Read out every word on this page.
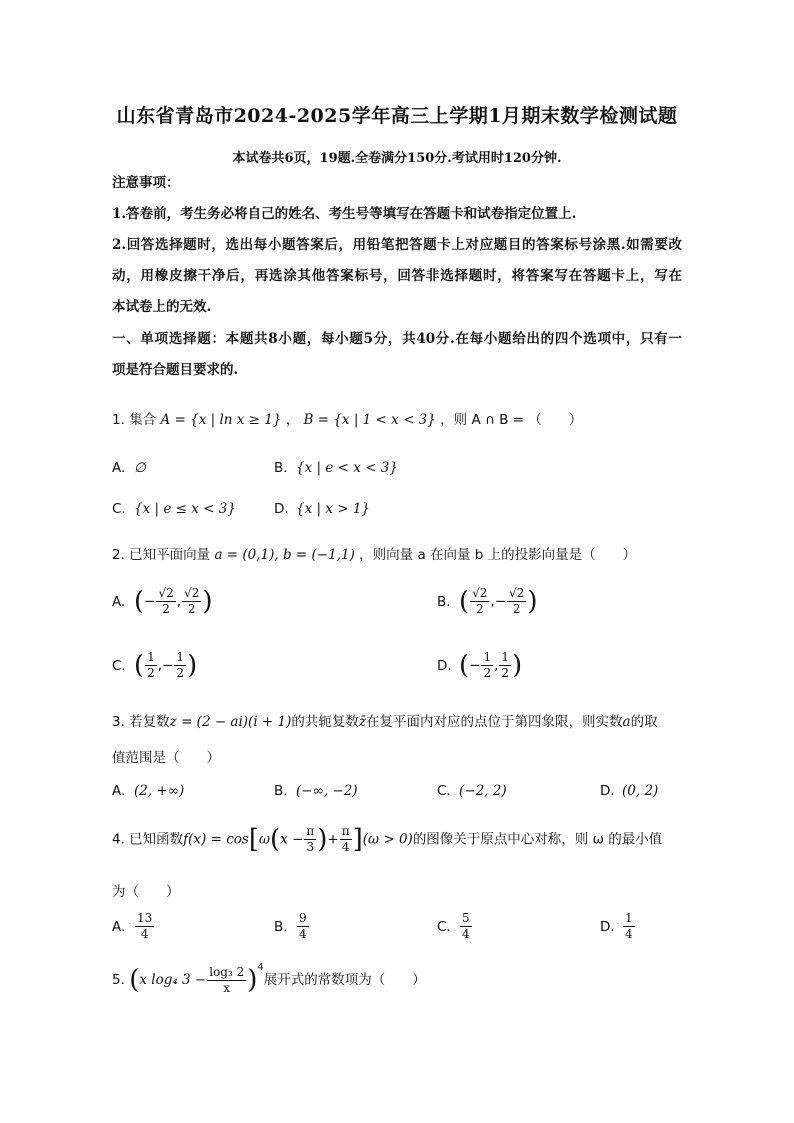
山东省青岛市2024-2025学年高三上学期1月期末数学检测试题
本试卷共6页，19题.全卷满分150分.考试用时120分钟.
注意事项：
1.答卷前，考生务必将自己的姓名、考生号等填写在答题卡和试卷指定位置上.
2.回答选择题时，选出每小题答案后，用铅笔把答题卡上对应题目的答案标号涂黑.如需要改
动，用橡皮擦干净后，再选涂其他答案标号，回答非选择题时，将答案写在答题卡上，写在
本试卷上的无效.
一、单项选择题：本题共8小题，每小题5分，共40分.在每小题给出的四个选项中，只有一
项是符合题目要求的.
1. 集合 A = {x | ln x ≥ 1} ， B = {x | 1 < x < 3} ，则 A ∩ B = （　　）
A. ∅	B. {x | e < x < 3}
C. {x | e ≤ x < 3}	D. {x | x > 1}
2. 已知平面向量 a = (0,1), b = (−1,1) ，则向量 a 在向量 b 上的投影向量是（　　）
A. (− $\frac{√2}{2}$ , $\frac{√2}{2}$ )	B. ( $\frac{√2}{2}$ ,− $\frac{√2}{2}$ )
C. ( $\frac{1}{2}$ ,− $\frac{1}{2}$ )	D. (− $\frac{1}{2}$ , $\frac{1}{2}$ )
3. 若复数z = (2 − ai)(i + 1)的共轭复数z̄在复平面内对应的点位于第四象限，则实数a的取
值范围是（　　）
A. (2, +∞)	B. (−∞, −2)	C. (−2, 2)	D. (0, 2)
4. 已知函数$f(x) = \cos[\omega(x - \frac{\pi}{3}$ )+ $\frac{\pi}{4} ](\omega > 0)$的图像关于原点中心对称，则 ω 的最小值
为（　　）
A. $\frac{13}{4}$	B. $\frac{9}{4}$	C. $\frac{5}{4}$	D. $\frac{1}{4}$
5. (x log₄ $3 - \frac{\text{log₃ 2}}{x} )^4$展开式的常数项为（　　）
